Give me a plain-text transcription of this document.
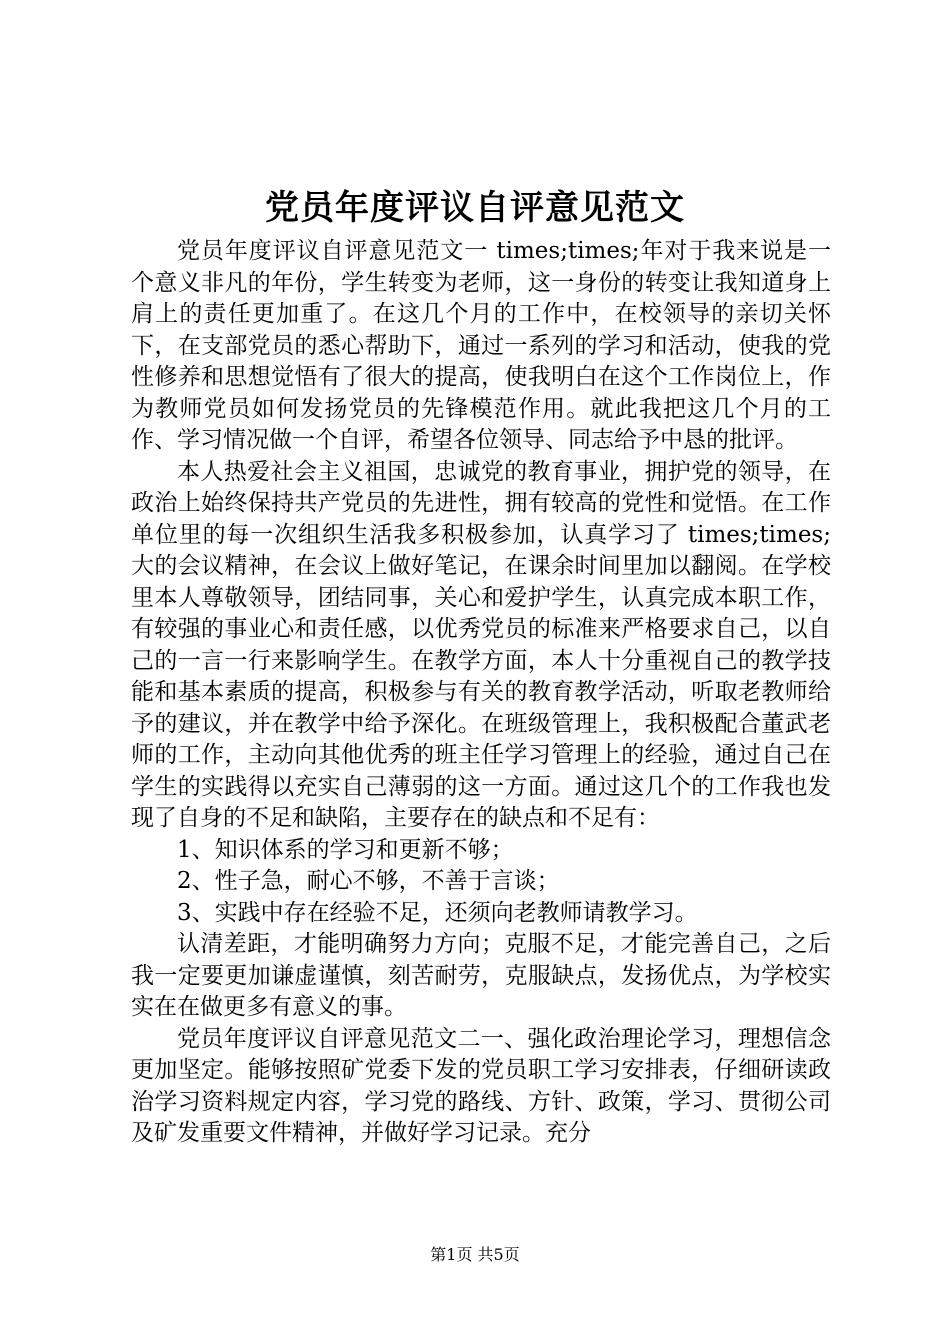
党员年度评议自评意见范文

党员年度评议自评意见范文一 times;times;年对于我来说是一个意义非凡的年份，学生转变为老师，这一身份的转变让我知道身上肩上的责任更加重了。在这几个月的工作中，在校领导的亲切关怀下，在支部党员的悉心帮助下，通过一系列的学习和活动，使我的党性修养和思想觉悟有了很大的提高，使我明白在这个工作岗位上，作为教师党员如何发扬党员的先锋模范作用。就此我把这几个月的工作、学习情况做一个自评，希望各位领导、同志给予中恳的批评。

本人热爱社会主义祖国，忠诚党的教育事业，拥护党的领导，在政治上始终保持共产党员的先进性，拥有较高的党性和觉悟。在工作单位里的每一次组织生活我多积极参加，认真学习了 times;times;大的会议精神，在会议上做好笔记，在课余时间里加以翻阅。在学校里本人尊敬领导，团结同事，关心和爱护学生，认真完成本职工作，有较强的事业心和责任感，以优秀党员的标准来严格要求自己，以自己的一言一行来影响学生。在教学方面，本人十分重视自己的教学技能和基本素质的提高，积极参与有关的教育教学活动，听取老教师给予的建议，并在教学中给予深化。在班级管理上，我积极配合董武老师的工作，主动向其他优秀的班主任学习管理上的经验，通过自己在学生的实践得以充实自己薄弱的这一方面。通过这几个的工作我也发现了自身的不足和缺陷，主要存在的缺点和不足有：

1、知识体系的学习和更新不够；

2、性子急，耐心不够，不善于言谈；

3、实践中存在经验不足，还须向老教师请教学习。

认清差距，才能明确努力方向；克服不足，才能完善自己，之后我一定要更加谦虚谨慎，刻苦耐劳，克服缺点，发扬优点，为学校实实在在做更多有意义的事。

党员年度评议自评意见范文二一、强化政治理论学习，理想信念更加坚定。能够按照矿党委下发的党员职工学习安排表，仔细研读政治学习资料规定内容，学习党的路线、方针、政策，学习、贯彻公司及矿发重要文件精神，并做好学习记录。充分

第1页 共5页
